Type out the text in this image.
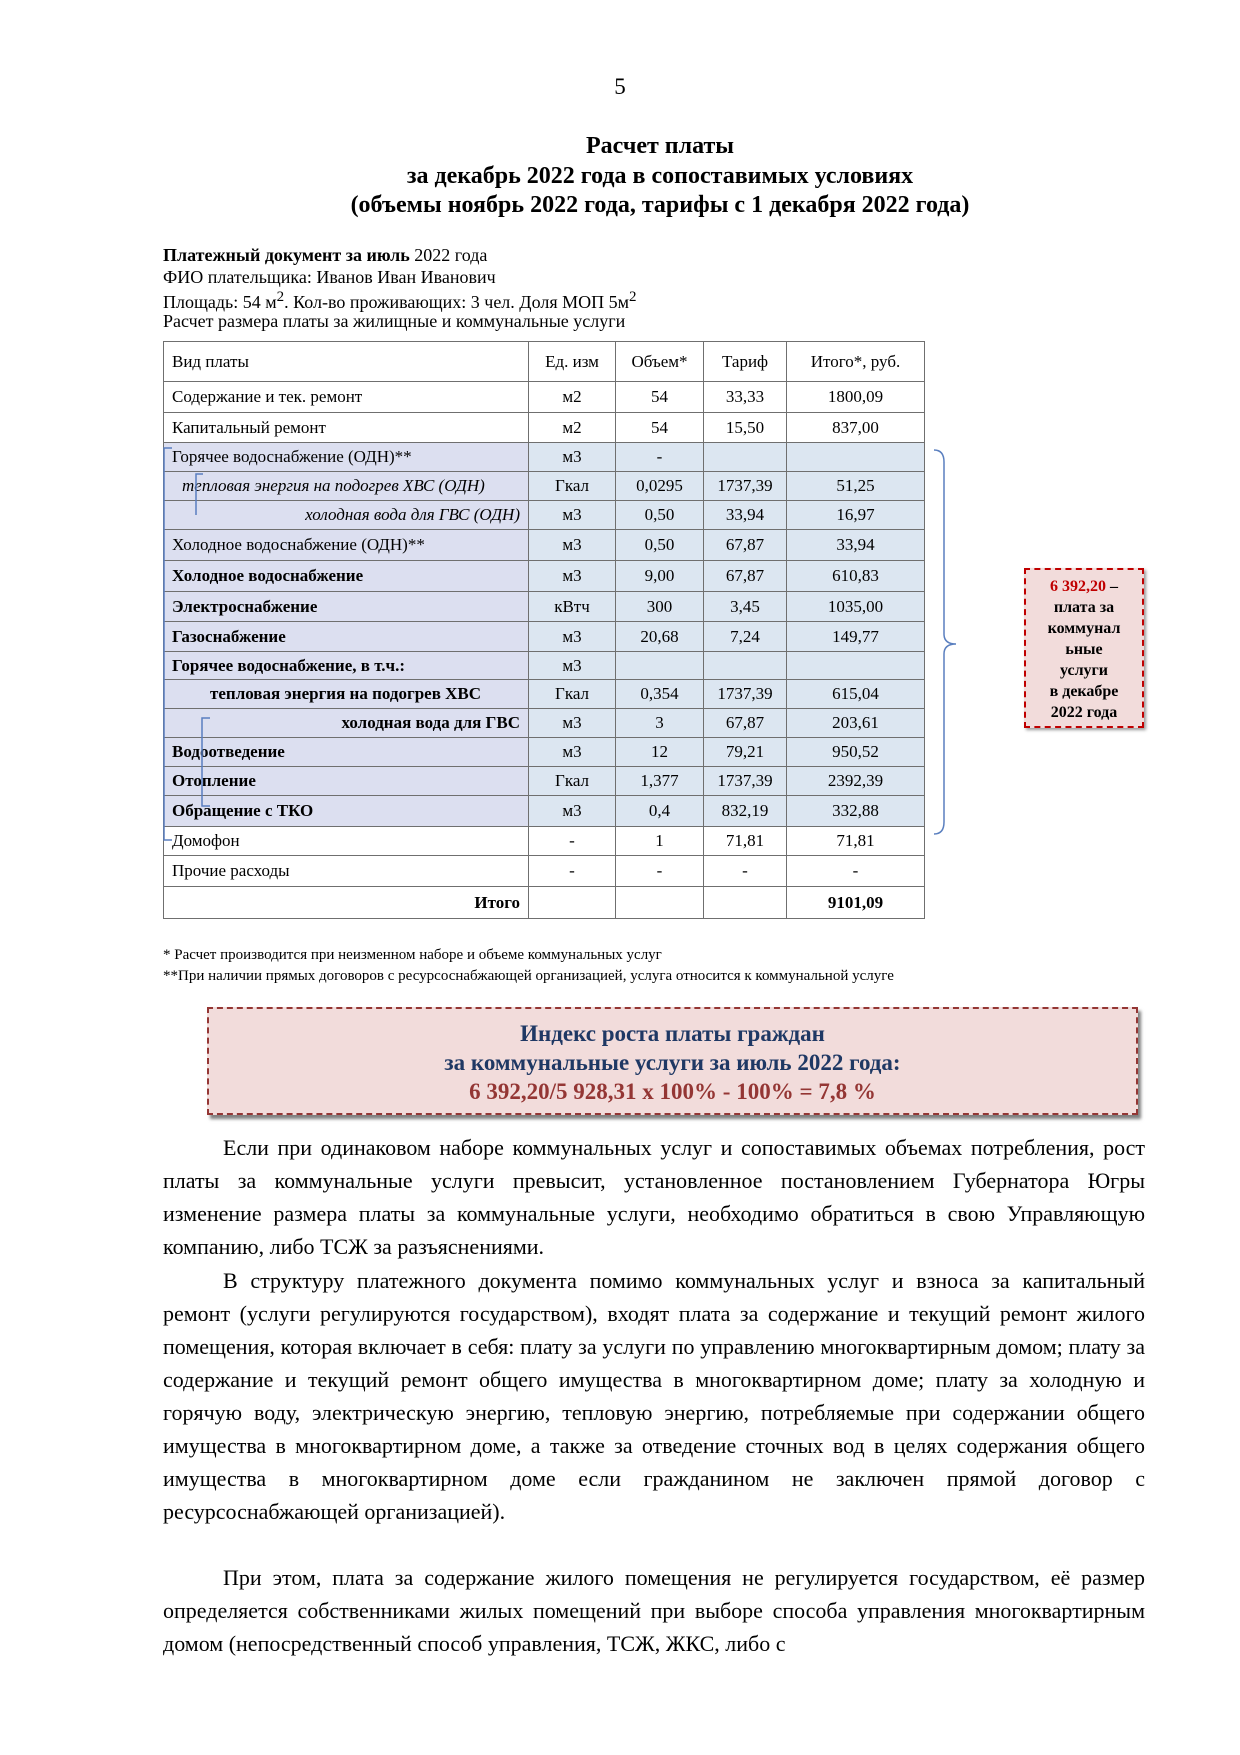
5
Расчет платы
за декабрь 2022 года в сопоставимых условиях
(объемы ноябрь 2022 года, тарифы с 1 декабря 2022 года)
Платежный документ за июль 2022 года
ФИО плательщика: Иванов Иван Иванович
Площадь: 54 $м^2$. Кол-во проживающих: 3 чел. Доля МОП $5м^2$
Расчет размера платы за жилищные и коммунальные услуги
Вид платы	Ед. изм	Объем*	Тариф	Итого*, руб.
Содержание и тек. ремонт	м2	54	33,33	1800,09
Капитальный ремонт	м2	54	15,50	837,00
Горячее водоснабжение (ОДН)**	м3	-		
тепловая энергия на подогрев ХВС (ОДН)	Гкал	0,0295	1737,39	51,25
холодная вода для ГВС (ОДН)	м3	0,50	33,94	16,97
Холодное водоснабжение (ОДН)**	м3	0,50	67,87	33,94
Холодное водоснабжение	м3	9,00	67,87	610,83
Электроснабжение	кВтч	300	3,45	1035,00
Газоснабжение	м3	20,68	7,24	149,77
Горячее водоснабжение, в т.ч.:	м3			
тепловая энергия на подогрев ХВС	Гкал	0,354	1737,39	615,04
холодная вода для ГВС	м3	3	67,87	203,61
Водоотведение	м3	12	79,21	950,52
Отопление	Гкал	1,377	1737,39	2392,39
Обращение с ТКО	м3	0,4	832,19	332,88
Домофон	-	1	71,81	71,81
Прочие расходы	-	-	-	-
Итого				9101,09
* Расчет производится при неизменном наборе и объеме коммунальных услуг
**При наличии прямых договоров с ресурсоснабжающей организацией, услуга относится к коммунальной услуге
6 392,20 –
плата за
коммунал
ьные
услуги
в декабре
2022 года
Индекс роста платы граждан
за коммунальные услуги за июль 2022 года:
6 392,20/5 928,31 х 100% - 100% = 7,8 %
Если при одинаковом наборе коммунальных услуг и сопоставимых объемах потребления, рост платы за коммунальные услуги превысит, установленное постановлением Губернатора Югры изменение размера платы за коммунальные услуги, необходимо обратиться в свою Управляющую компанию, либо ТСЖ за разъяснениями.
В структуру платежного документа помимо коммунальных услуг и взноса за капитальный ремонт (услуги регулируются государством), входят плата за содержание и текущий ремонт жилого помещения, которая включает в себя: плату за услуги по управлению многоквартирным домом; плату за содержание и текущий ремонт общего имущества в многоквартирном доме; плату за холодную и горячую воду, электрическую энергию, тепловую энергию, потребляемые при содержании общего имущества в многоквартирном доме, а также за отведение сточных вод в целях содержания общего имущества в многоквартирном доме если гражданином не заключен прямой договор с ресурсоснабжающей организацией).
При этом, плата за содержание жилого помещения не регулируется государством, её размер определяется собственниками жилых помещений при выборе способа управления многоквартирным домом (непосредственный способ управления, ТСЖ, ЖКС, либо с
